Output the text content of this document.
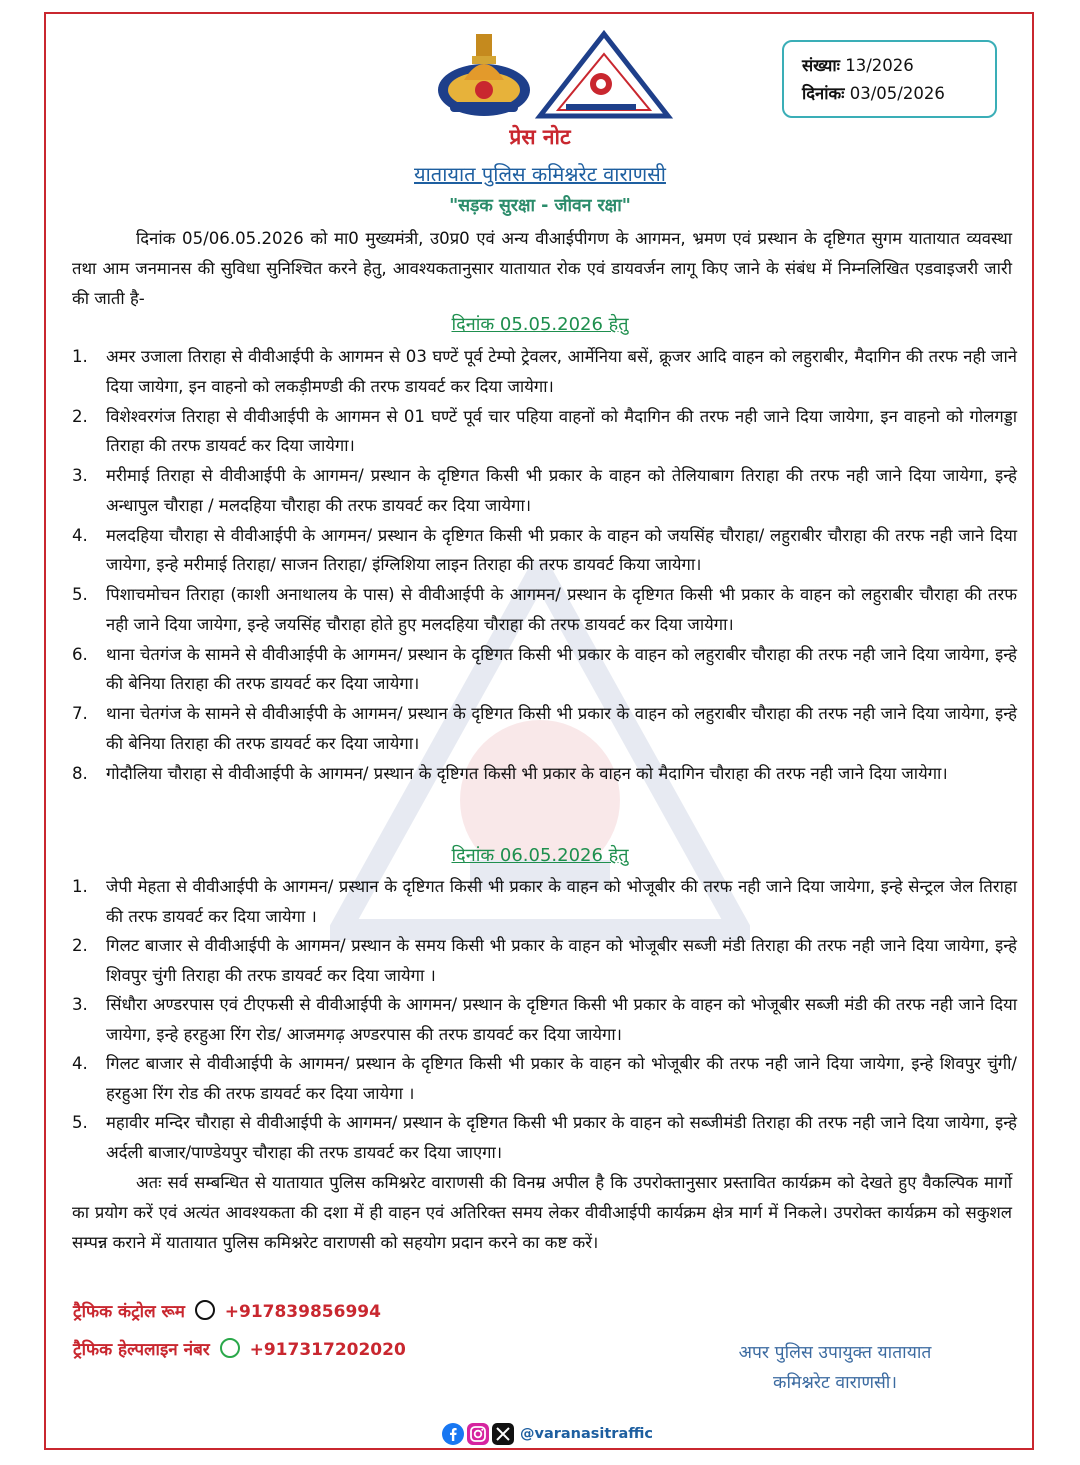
संख्याः 13/2026
दिनांकः 03/05/2026
प्रेस नोट
यातायात पुलिस कमिश्नरेट वाराणसी
"सड़क सुरक्षा - जीवन रक्षा"
दिनांक 05/06.05.2026 को मा0 मुख्यमंत्री, उ0प्र0 एवं अन्य वीआईपीगण के आगमन, भ्रमण एवं प्रस्थान के दृष्टिगत सुगम यातायात व्यवस्था तथा आम जनमानस की सुविधा सुनिश्चित करने हेतु, आवश्यकतानुसार यातायात रोक एवं डायवर्जन लागू किए जाने के संबंध में निम्नलिखित एडवाइजरी जारी की जाती है-
दिनांक 05.05.2026 हेतु
1.	अमर उजाला तिराहा से वीवीआईपी के आगमन से 03 घण्टें पूर्व टेम्पो ट्रेवलर, आर्मेनिया बसें, क्रूजर आदि वाहन को लहुराबीर, मैदागिन की तरफ नही जाने दिया जायेगा, इन वाहनो को लकड़ीमण्डी की तरफ डायवर्ट कर दिया जायेगा।
2.	विशेश्वरगंज तिराहा से वीवीआईपी के आगमन से 01 घण्टें पूर्व चार पहिया वाहनों को मैदागिन की तरफ नही जाने दिया जायेगा, इन वाहनो को गोलगड्डा तिराहा की तरफ डायवर्ट कर दिया जायेगा।
3.	मरीमाई तिराहा से वीवीआईपी के आगमन/ प्रस्थान के दृष्टिगत किसी भी प्रकार के वाहन को तेलियाबाग तिराहा की तरफ नही जाने दिया जायेगा, इन्हे अन्धापुल चौराहा / मलदहिया चौराहा की तरफ डायवर्ट कर दिया जायेगा।
4.	मलदहिया चौराहा से वीवीआईपी के आगमन/ प्रस्थान के दृष्टिगत किसी भी प्रकार के वाहन को जयसिंह चौराहा/ लहुराबीर चौराहा की तरफ नही जाने दिया जायेगा, इन्हे मरीमाई तिराहा/ साजन तिराहा/ इंग्लिशिया लाइन तिराहा की तरफ डायवर्ट किया जायेगा।
5.	पिशाचमोचन तिराहा (काशी अनाथालय के पास) से वीवीआईपी के आगमन/ प्रस्थान के दृष्टिगत किसी भी प्रकार के वाहन को लहुराबीर चौराहा की तरफ नही जाने दिया जायेगा, इन्हे जयसिंह चौराहा होते हुए मलदहिया चौराहा की तरफ डायवर्ट कर दिया जायेगा।
6.	थाना चेतगंज के सामने से वीवीआईपी के आगमन/ प्रस्थान के दृष्टिगत किसी भी प्रकार के वाहन को लहुराबीर चौराहा की तरफ नही जाने दिया जायेगा, इन्हे की बेनिया तिराहा की तरफ डायवर्ट कर दिया जायेगा।
7.	थाना चेतगंज के सामने से वीवीआईपी के आगमन/ प्रस्थान के दृष्टिगत किसी भी प्रकार के वाहन को लहुराबीर चौराहा की तरफ नही जाने दिया जायेगा, इन्हे की बेनिया तिराहा की तरफ डायवर्ट कर दिया जायेगा।
8.	गोदौलिया चौराहा से वीवीआईपी के आगमन/ प्रस्थान के दृष्टिगत किसी भी प्रकार के वाहन को मैदागिन चौराहा की तरफ नही जाने दिया जायेगा।
दिनांक 06.05.2026 हेतु
1.	जेपी मेहता से वीवीआईपी के आगमन/ प्रस्थान के दृष्टिगत किसी भी प्रकार के वाहन को भोजूबीर की तरफ नही जाने दिया जायेगा, इन्हे सेन्ट्रल जेल तिराहा की तरफ डायवर्ट कर दिया जायेगा ।
2.	गिलट बाजार से वीवीआईपी के आगमन/ प्रस्थान के समय किसी भी प्रकार के वाहन को भोजूबीर सब्जी मंडी तिराहा की तरफ नही जाने दिया जायेगा, इन्हे शिवपुर चुंगी तिराहा की तरफ डायवर्ट कर दिया जायेगा ।
3.	सिंधौरा अण्डरपास एवं टीएफसी से वीवीआईपी के आगमन/ प्रस्थान के दृष्टिगत किसी भी प्रकार के वाहन को भोजूबीर सब्जी मंडी की तरफ नही जाने दिया जायेगा, इन्हे हरहुआ रिंग रोड/ आजमगढ़ अण्डरपास की तरफ डायवर्ट कर दिया जायेगा।
4.	गिलट बाजार से वीवीआईपी के आगमन/ प्रस्थान के दृष्टिगत किसी भी प्रकार के वाहन को भोजूबीर की तरफ नही जाने दिया जायेगा, इन्हे शिवपुर चुंगी/ हरहुआ रिंग रोड की तरफ डायवर्ट कर दिया जायेगा ।
5.	महावीर मन्दिर चौराहा से वीवीआईपी के आगमन/ प्रस्थान के दृष्टिगत किसी भी प्रकार के वाहन को सब्जीमंडी तिराहा की तरफ नही जाने दिया जायेगा, इन्हे अर्दली बाजार/पाण्डेयपुर चौराहा की तरफ डायवर्ट कर दिया जाएगा।
अतः सर्व सम्बन्धित से यातायात पुलिस कमिश्नरेट वाराणसी की विनम्र अपील है कि उपरोक्तानुसार प्रस्तावित कार्यक्रम को देखते हुए वैकल्पिक मार्गो का प्रयोग करें एवं अत्यंत आवश्यकता की दशा में ही वाहन एवं अतिरिक्त समय लेकर वीवीआईपी कार्यक्रम क्षेत्र मार्ग में निकले। उपरोक्त कार्यक्रम को सकुशल सम्पन्न कराने में यातायात पुलिस कमिश्नरेट वाराणसी को सहयोग प्रदान करने का कष्ट करें।
ट्रैफिक कंट्रोल रूम +917839856994
ट्रैफिक हेल्पलाइन नंबर +917317202020	अपर पुलिस उपायुक्त यातायात
कमिश्नरेट वाराणसी।
@varanasitraffic
